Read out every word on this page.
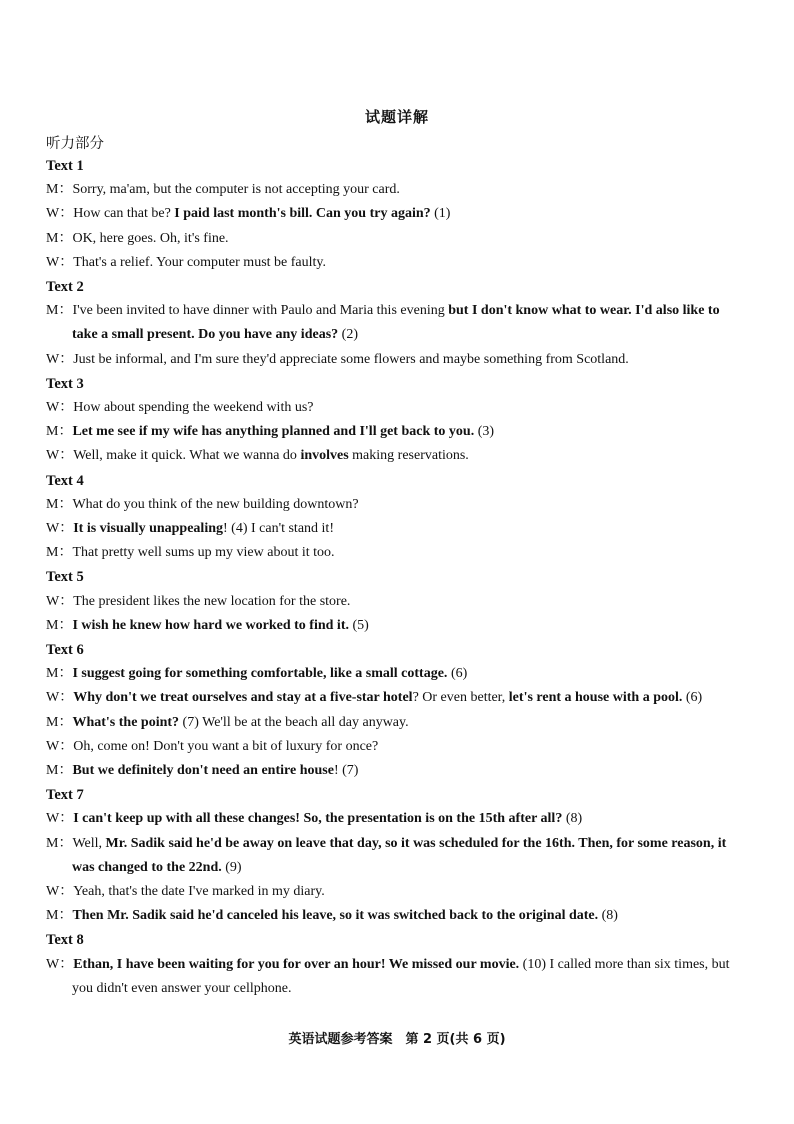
试题详解
听力部分
Text 1
M：Sorry, ma'am, but the computer is not accepting your card.
W：How can that be? I paid last month's bill. Can you try again? (1)
M：OK, here goes. Oh, it's fine.
W：That's a relief. Your computer must be faulty.
Text 2
M：I've been invited to have dinner with Paulo and Maria this evening but I don't know what to wear. I'd also like to take a small present. Do you have any ideas? (2)
W：Just be informal, and I'm sure they'd appreciate some flowers and maybe something from Scotland.
Text 3
W：How about spending the weekend with us?
M：Let me see if my wife has anything planned and I'll get back to you. (3)
W：Well, make it quick. What we wanna do involves making reservations.
Text 4
M：What do you think of the new building downtown?
W：It is visually unappealing! (4) I can't stand it!
M：That pretty well sums up my view about it too.
Text 5
W：The president likes the new location for the store.
M：I wish he knew how hard we worked to find it. (5)
Text 6
M：I suggest going for something comfortable, like a small cottage. (6)
W：Why don't we treat ourselves and stay at a five-star hotel? Or even better, let's rent a house with a pool. (6)
M：What's the point? (7) We'll be at the beach all day anyway.
W：Oh, come on! Don't you want a bit of luxury for once?
M：But we definitely don't need an entire house! (7)
Text 7
W：I can't keep up with all these changes! So, the presentation is on the 15th after all? (8)
M：Well, Mr. Sadik said he'd be away on leave that day, so it was scheduled for the 16th. Then, for some reason, it was changed to the 22nd. (9)
W：Yeah, that's the date I've marked in my diary.
M：Then Mr. Sadik said he'd canceled his leave, so it was switched back to the original date. (8)
Text 8
W：Ethan, I have been waiting for you for over an hour! We missed our movie. (10) I called more than six times, but you didn't even answer your cellphone.
英语试题参考答案　第 2 页(共 6 页)
